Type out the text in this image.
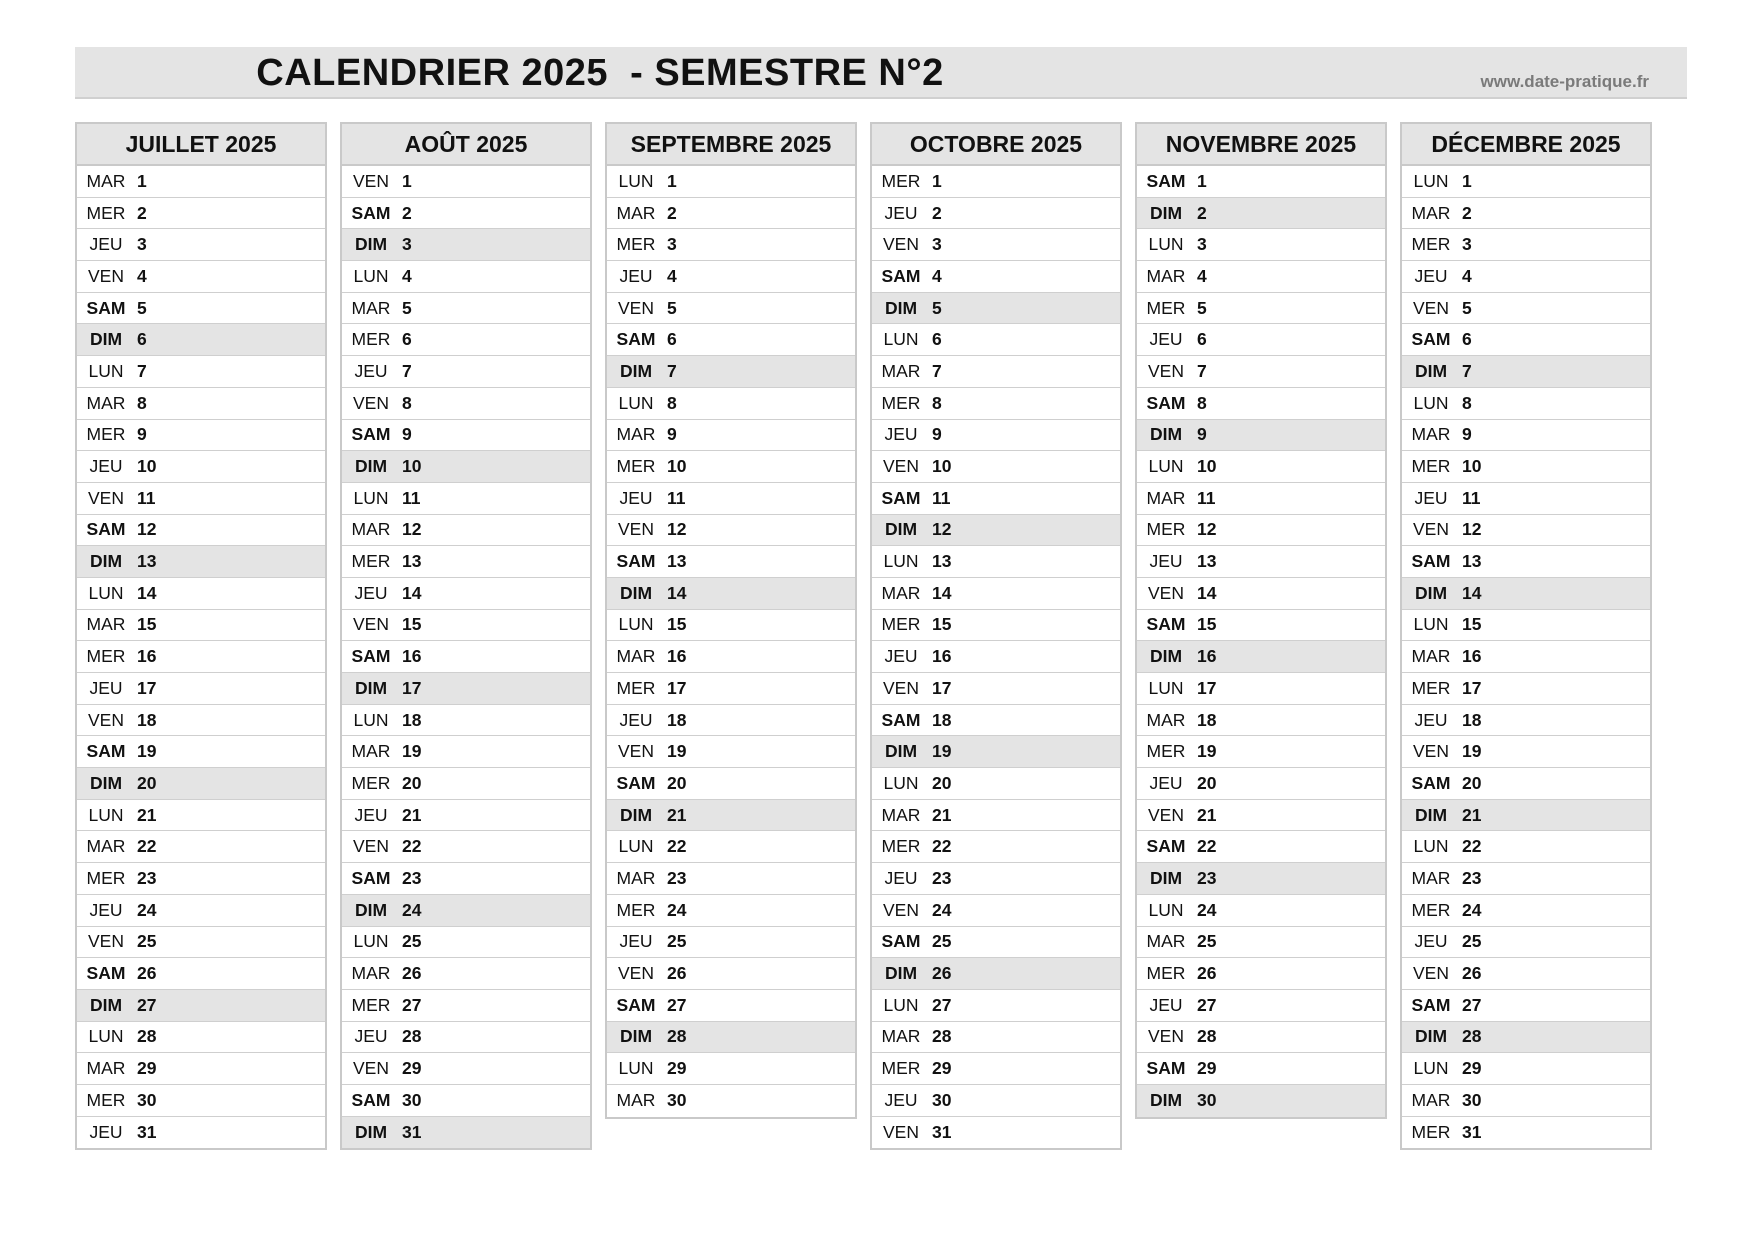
CALENDRIER 2025  - SEMESTRE N°2	www.date-pratique.fr
JUILLET 2025
MAR 1
MER 2
JEU 3
VEN 4
SAM 5
DIM 6
LUN 7
MAR 8
MER 9
JEU 10
VEN 11
SAM 12
DIM 13
LUN 14
MAR 15
MER 16
JEU 17
VEN 18
SAM 19
DIM 20
LUN 21
MAR 22
MER 23
JEU 24
VEN 25
SAM 26
DIM 27
LUN 28
MAR 29
MER 30
JEU 31
AOÛT 2025
VEN 1
SAM 2
DIM 3
LUN 4
MAR 5
MER 6
JEU 7
VEN 8
SAM 9
DIM 10
LUN 11
MAR 12
MER 13
JEU 14
VEN 15
SAM 16
DIM 17
LUN 18
MAR 19
MER 20
JEU 21
VEN 22
SAM 23
DIM 24
LUN 25
MAR 26
MER 27
JEU 28
VEN 29
SAM 30
DIM 31
SEPTEMBRE 2025
LUN 1
MAR 2
MER 3
JEU 4
VEN 5
SAM 6
DIM 7
LUN 8
MAR 9
MER 10
JEU 11
VEN 12
SAM 13
DIM 14
LUN 15
MAR 16
MER 17
JEU 18
VEN 19
SAM 20
DIM 21
LUN 22
MAR 23
MER 24
JEU 25
VEN 26
SAM 27
DIM 28
LUN 29
MAR 30
OCTOBRE 2025
MER 1
JEU 2
VEN 3
SAM 4
DIM 5
LUN 6
MAR 7
MER 8
JEU 9
VEN 10
SAM 11
DIM 12
LUN 13
MAR 14
MER 15
JEU 16
VEN 17
SAM 18
DIM 19
LUN 20
MAR 21
MER 22
JEU 23
VEN 24
SAM 25
DIM 26
LUN 27
MAR 28
MER 29
JEU 30
VEN 31
NOVEMBRE 2025
SAM 1
DIM 2
LUN 3
MAR 4
MER 5
JEU 6
VEN 7
SAM 8
DIM 9
LUN 10
MAR 11
MER 12
JEU 13
VEN 14
SAM 15
DIM 16
LUN 17
MAR 18
MER 19
JEU 20
VEN 21
SAM 22
DIM 23
LUN 24
MAR 25
MER 26
JEU 27
VEN 28
SAM 29
DIM 30
DÉCEMBRE 2025
LUN 1
MAR 2
MER 3
JEU 4
VEN 5
SAM 6
DIM 7
LUN 8
MAR 9
MER 10
JEU 11
VEN 12
SAM 13
DIM 14
LUN 15
MAR 16
MER 17
JEU 18
VEN 19
SAM 20
DIM 21
LUN 22
MAR 23
MER 24
JEU 25
VEN 26
SAM 27
DIM 28
LUN 29
MAR 30
MER 31
